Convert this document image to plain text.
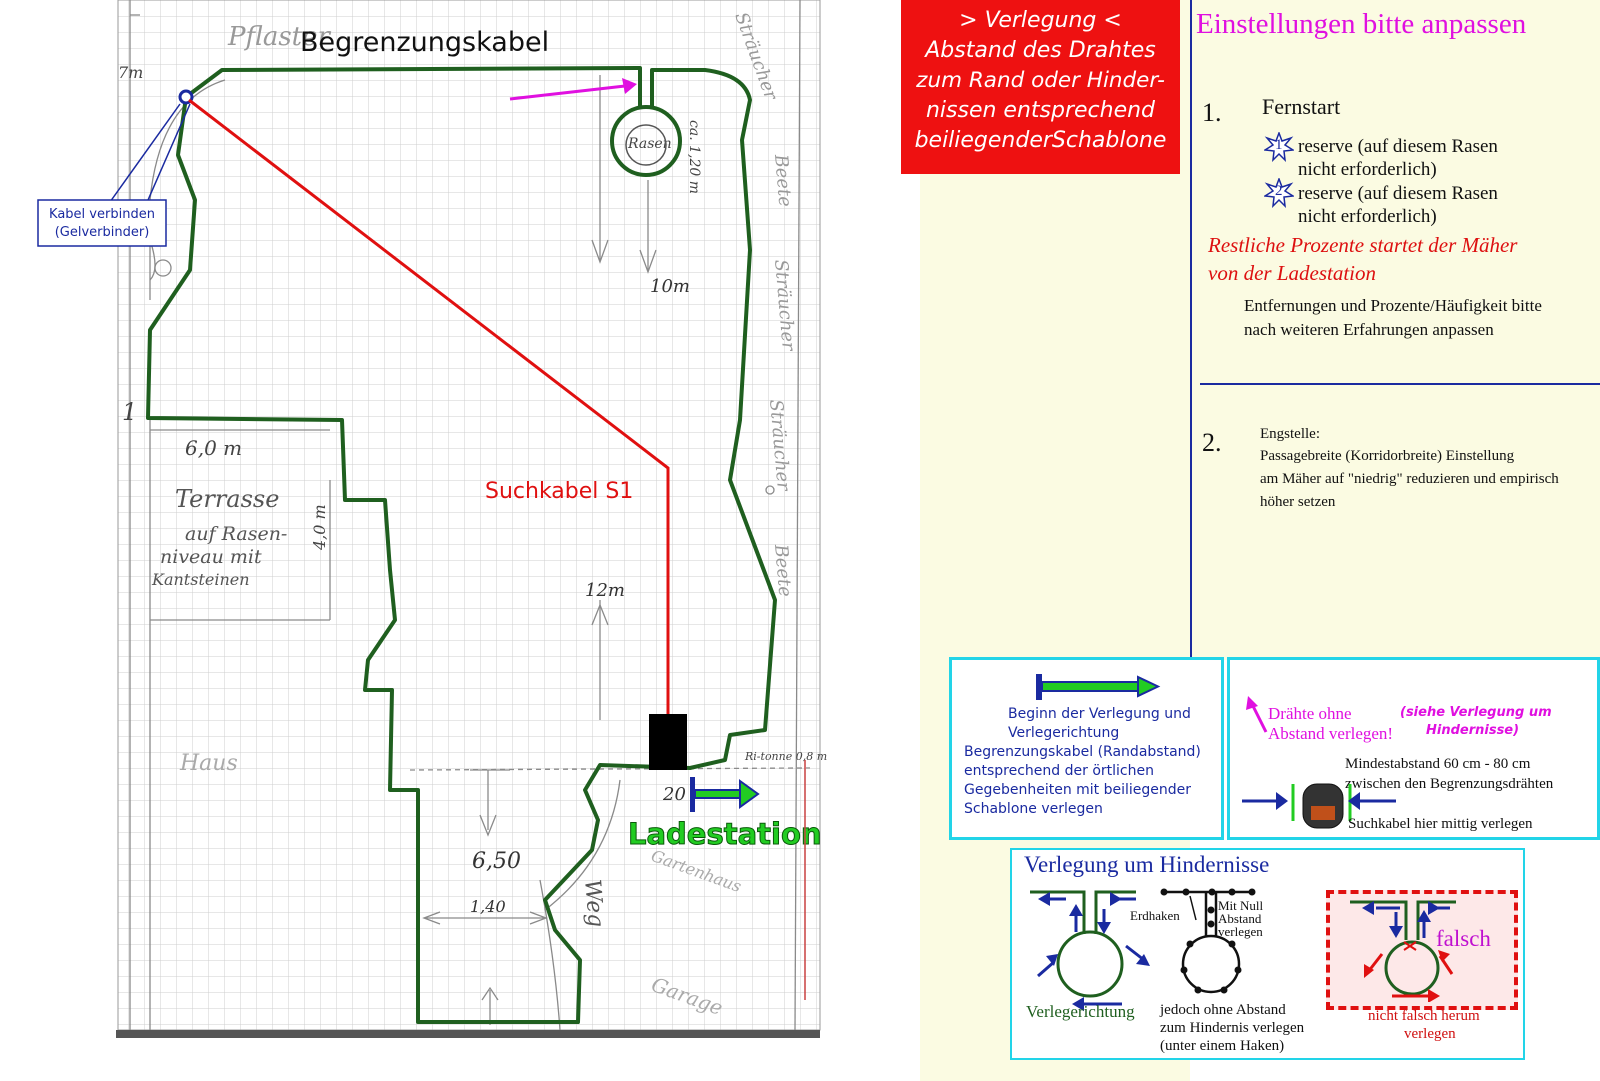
Pflaster	Sträucher
Beete
Sträucher
Sträucher
Beete
Rasen ca. 1,20 m
10m
6,0 m
Terrasse
auf Rasen-
niveau mit
Kantsteinen
4,0 m
Haus
12m
Ri-tonne 0,8 m
6,50
1,40
20
Weg
Garage
Gartenhaus
1
7m
Kabel verbinden
(Gelverbinder)
Begrenzungskabel
Suchkabel S1
Ladestation
> Verlegung <
Abstand des Drahtes
zum Rand oder Hinder-
nissen entsprechend
beiliegenderSchablone
Einstellungen bitte anpassen
1. Fernstart
1 reserve (auf diesem Rasen
nicht erforderlich)
2 reserve (auf diesem Rasen
nicht erforderlich)
Restliche Prozente startet der Mäher
von der Ladestation
Entfernungen und Prozente/Häufigkeit bitte
nach weiteren Erfahrungen anpassen
2.	Engstelle:
Passagebreite (Korridorbreite) Einstellung
am Mäher auf "niedrig" reduzieren und empirisch
höher setzen
Beginn der Verlegung und
Verlegerichtung
Begrenzungskabel (Randabstand)
entsprechend der örtlichen
Gegebenheiten mit beiliegender
Schablone verlegen
Drähte ohne
Abstand verlegen!
(siehe Verlegung um
Hindernisse)
Mindestabstand 60 cm - 80 cm
zwischen den Begrenzungsdrähten
Suchkabel hier mittig verlegen
Verlegung um Hindernisse
Verlegerichtung
Erdhaken
Mit Null
Abstand
verlegen
jedoch ohne Abstand
zum Hindernis verlegen
(unter einem Haken)
falsch
nicht falsch herum
verlegen
